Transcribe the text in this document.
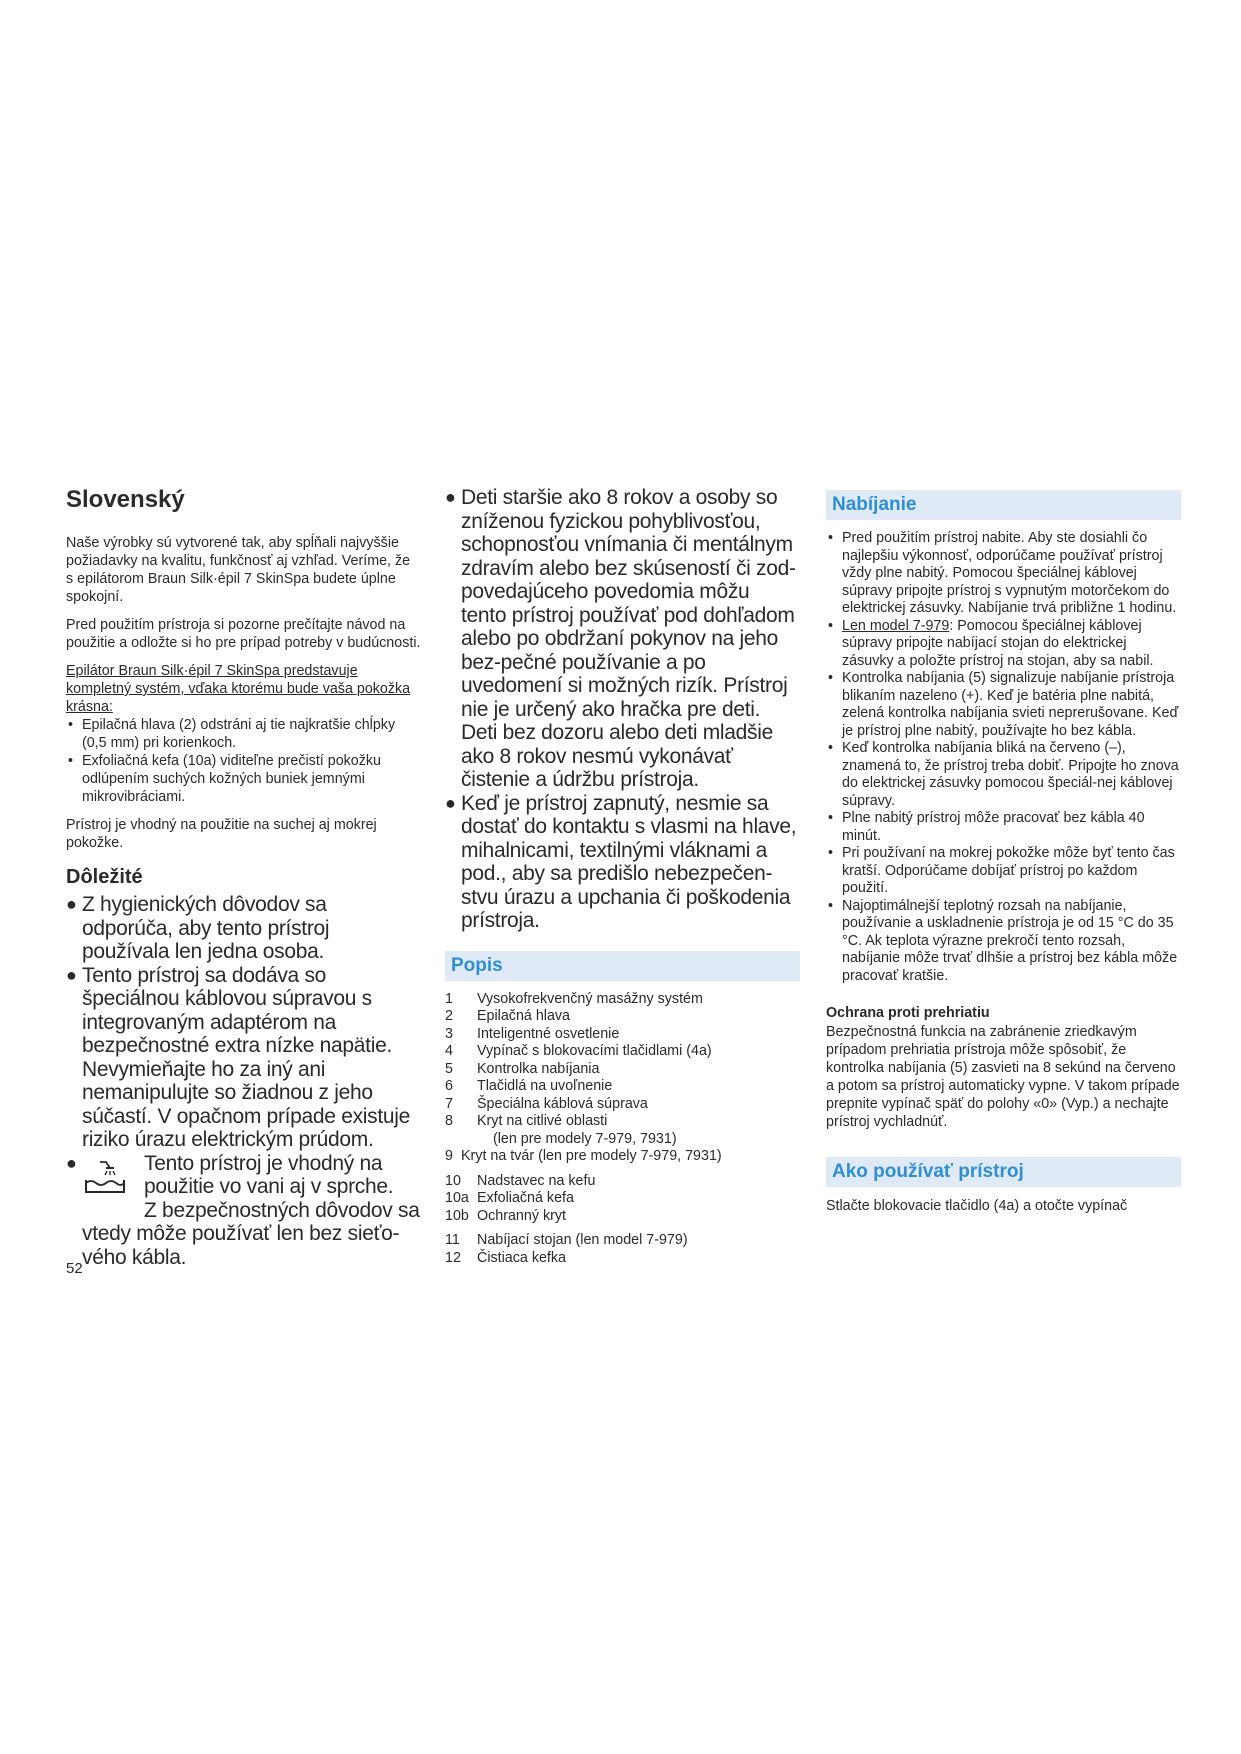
Slovenský

Naše výrobky sú vytvorené tak, aby spĺňali najvyššie požiadavky na kvalitu, funkčnosť aj vzhľad. Veríme, že s epilátorom Braun Silk·épil 7 SkinSpa budete úplne spokojní.

Pred použitím prístroja si pozorne prečítajte návod na použitie a odložte si ho pre prípad potreby v budúcnosti.

Epilátor Braun Silk·épil 7 SkinSpa predstavuje kompletný systém, vďaka ktorému bude vaša pokožka krásna:

• Epilačná hlava (2) odstráni aj tie najkratšie chĺpky (0,5 mm) pri korienkoch.
• Exfoliačná kefa (10a) viditeľne prečistí pokožku odlúpením suchých kožných buniek jemnými mikrovibráciami.

Prístroj je vhodný na použitie na suchej aj mokrej pokožke.

Dôležité
● Z hygienických dôvodov sa odporúča, aby tento prístroj používala len jedna osoba.
● Tento prístroj sa dodáva so špeciálnou káblovou súpravou s integrovaným adaptérom na bezpečnostné extra nízke napätie. Nevymieňajte ho za iný ani nemanipulujte so žiadnou z jeho súčastí. V opačnom prípade existuje riziko úrazu elektrickým prúdom.
●	Tento prístroj je vhodný na
použitie vo vani aj v sprche.
Z bezpečnostných dôvodov sa
vtedy môže používať len bez sieťo-vého kábla.
● Deti staršie ako 8 rokov a osoby so zníženou fyzickou pohyblivosťou, schopnosťou vnímania či mentálnym zdravím alebo bez skúseností či zod-povedajúceho povedomia môžu tento prístroj používať pod dohľadom alebo po obdržaní pokynov na jeho bez-pečné používanie a po uvedomení si možných rizík. Prístroj nie je určený ako hračka pre deti. Deti bez dozoru alebo deti mladšie ako 8 rokov nesmú vykonávať čistenie a údržbu prístroja.
● Keď je prístroj zapnutý, nesmie sa dostať do kontaktu s vlasmi na hlave, mihalnicami, textilnými vláknami a pod., aby sa predišlo nebezpečen-stvu úrazu a upchania či poškodenia prístroja.
Popis
1	Vysokofrekvenčný masážny systém
2	Epilačná hlava
3	Inteligentné osvetlenie
4	Vypínač s blokovacími tlačidlami (4a)
5	Kontrolka nabíjania
6	Tlačidlá na uvoľnenie
7	Špeciálna káblová súprava
8	Kryt na citlivé oblasti
(len pre modely 7-979, 7931)
9 Kryt na tvár (len pre modely 7-979, 7931)
10	Nadstavec na kefu
10a Exfoliačná kefa
10b Ochranný kryt
11	Nabíjací stojan (len model 7-979)
12	Čistiaca kefka
Nabíjanie
• Pred použitím prístroj nabite. Aby ste dosiahli čo najlepšiu výkonnosť, odporúčame používať prístroj vždy plne nabitý. Pomocou špeciálnej káblovej súpravy pripojte prístroj s vypnutým motorčekom do elektrickej zásuvky. Nabíjanie trvá približne 1 hodinu.
• Len model 7-979: Pomocou špeciálnej káblovej súpravy pripojte nabíjací stojan do elektrickej zásuvky a položte prístroj na stojan, aby sa nabil.
• Kontrolka nabíjania (5) signalizuje nabíjanie prístroja blikaním nazeleno (+). Keď je batéria plne nabitá, zelená kontrolka nabíjania svieti neprerušovane. Keď je prístroj plne nabitý, používajte ho bez kábla.
• Keď kontrolka nabíjania bliká na červeno (–), znamená to, že prístroj treba dobiť. Pripojte ho znova do elektrickej zásuvky pomocou špeciál-nej káblovej súpravy.
• Plne nabitý prístroj môže pracovať bez kábla 40 minút.
• Pri používaní na mokrej pokožke môže byť tento čas kratší. Odporúčame dobíjať prístroj po každom použití.
• Najoptimálnejší teplotný rozsah na nabíjanie, používanie a uskladnenie prístroja je od 15 °C do 35 °C. Ak teplota výrazne prekročí tento rozsah, nabíjanie môže trvať dlhšie a prístroj bez kábla môže pracovať kratšie.
Ochrana proti prehriatiu

Bezpečnostná funkcia na zabránenie zriedkavým prípadom prehriatia prístroja môže spôsobiť, že kontrolka nabíjania (5) zasvieti na 8 sekúnd na červeno a potom sa prístroj automaticky vypne. V takom prípade prepnite vypínač späť do polohy «0» (Vyp.) a nechajte prístroj vychladnúť.

Ako používať prístroj

Stlačte blokovacie tlačidlo (4a) a otočte vypínač

52
